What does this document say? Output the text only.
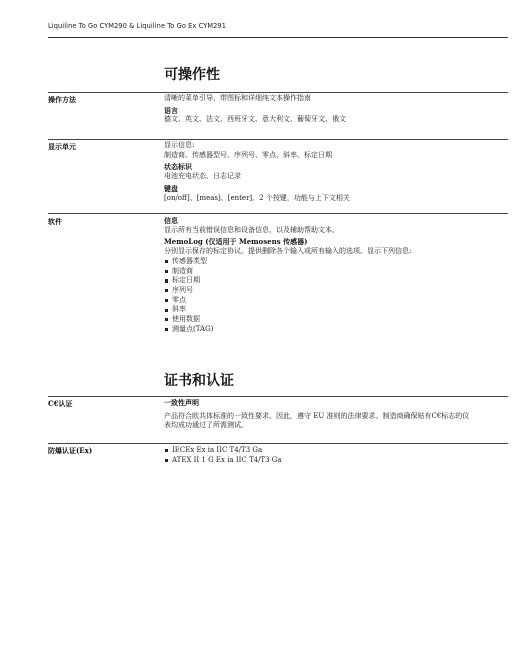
Liquiline To Go CYM290 & Liquiline To Go Ex CYM291
可操作性
操作方法	清晰的菜单引导，带图标和详细纯文本操作指南
语言
德文、英文、法文、西班牙文、意大利文、葡萄牙文、俄文
显示单元	显示信息:
制造商、传感器型号、序列号、零点、斜率、标定日期
状态标识
电池充电状态、日志记录
键盘
[on/off]、[meas]、[enter]、2 个按键，功能与上下文相关
软件	信息
显示所有当前错误信息和设备信息，以及辅助帮助文本。
MemoLog (仅适用于 Memosens 传感器)
分别显示保存的标定协议。提供删除各个输入或所有输入的选项。显示下列信息:
传感器类型
制造商
标定日期
序列号
零点
斜率
使用数据
测量点(TAG)
证书和认证
C€认证	一致性声明
产品符合欧共体标准的一致性要求。因此，遵守 EU 准则的法律要求。制造商确保贴有C€标志的仪
表均成功通过了所需测试。
防爆认证(Ex)	IECEx Ex ia IIC T4/T3 Ga
ATEX II 1 G Ex ia IIC T4/T3 Ga
